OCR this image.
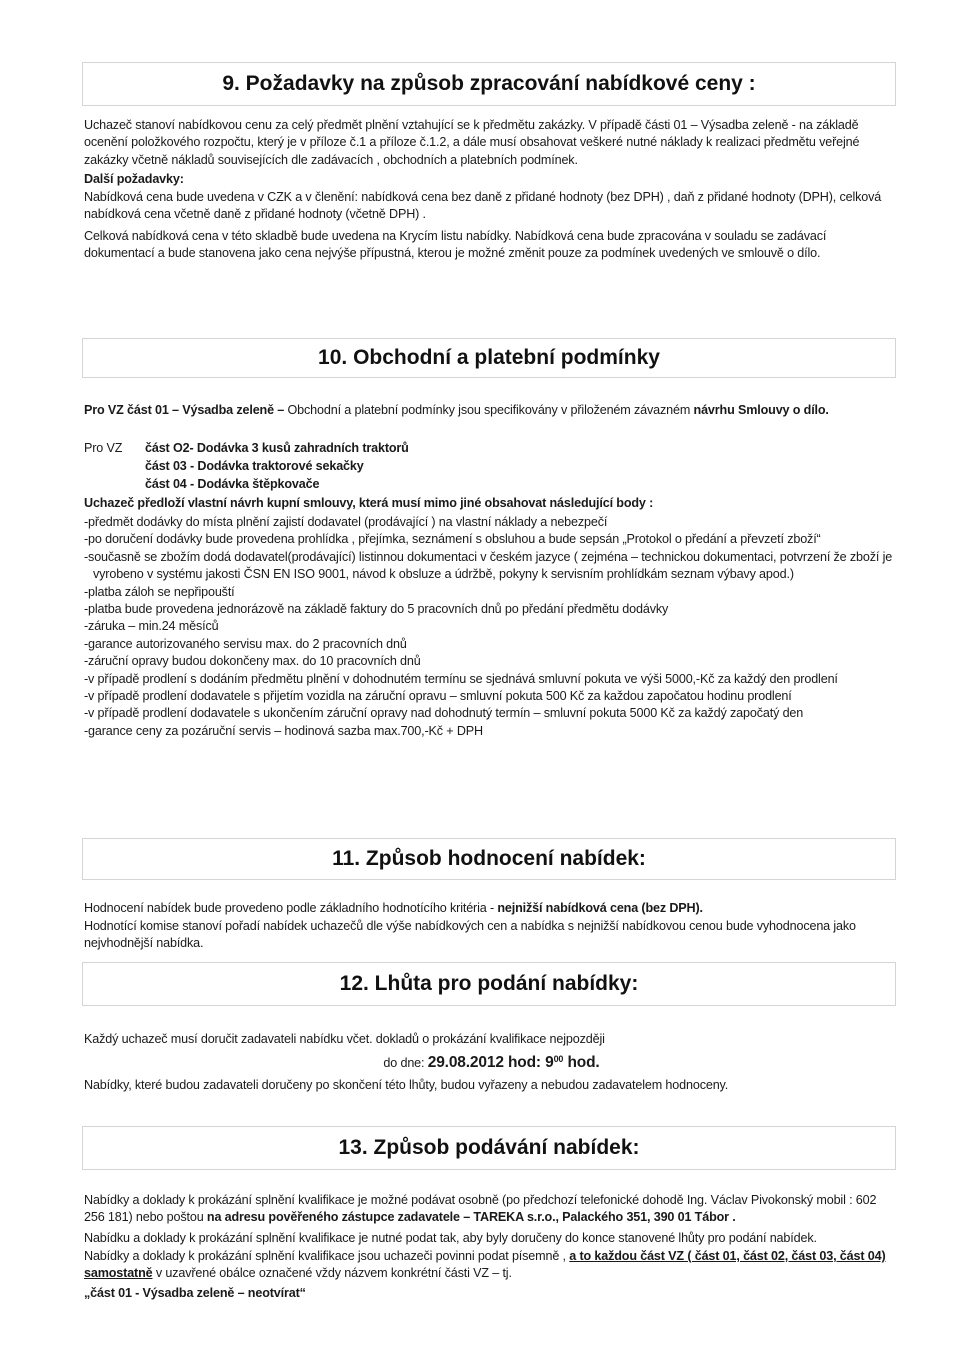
9. Požadavky na způsob zpracování nabídkové ceny :

Uchazeč stanoví nabídkovou cenu za celý předmět plnění vztahující se k předmětu zakázky. V případě části 01 – Výsadba zeleně - na základě ocenění položkového rozpočtu, který je v příloze č.1 a příloze č.1.2, a dále musí obsahovat veškeré nutné náklady k realizaci předmětu veřejné zakázky včetně nákladů souvisejících dle zadávacích , obchodních a platebních podmínek.

Další požadavky:

Nabídková cena bude uvedena v CZK a v členění: nabídková cena bez daně z přidané hodnoty (bez DPH) , daň z přidané hodnoty (DPH), celková nabídková cena včetně daně z přidané hodnoty (včetně DPH) .

Celková nabídková cena v této skladbě bude uvedena na Krycím listu nabídky. Nabídková cena bude zpracována v souladu se zadávací dokumentací a bude stanovena jako cena nejvýše přípustná, kterou je možné změnit pouze za podmínek uvedených ve smlouvě o dílo.

10. Obchodní a platební podmínky

Pro VZ část 01 – Výsadba zeleně – Obchodní a platební podmínky jsou specifikovány v přiloženém závazném návrhu Smlouvy o dílo.

Pro VZ	část O2- Dodávka 3 kusů zahradních traktorů

část 03 - Dodávka traktorové sekačky

část 04 - Dodávka štěpkovače

Uchazeč předloží vlastní návrh kupní smlouvy, která musí mimo jiné obsahovat následující body :

-předmět dodávky do místa plnění zajistí dodavatel (prodávající ) na vlastní náklady a nebezpečí
-po doručení dodávky bude provedena prohlídka , přejímka, seznámení s obsluhou a bude sepsán „Protokol o předání a převzetí zboží“
-současně se zbožím dodá dodavatel(prodávající) listinnou dokumentaci v českém jazyce ( zejména – technickou dokumentaci, potvrzení že zboží je vyrobeno v systému jakosti ČSN EN ISO 9001, návod k obsluze a údržbě, pokyny k servisním prohlídkám seznam výbavy apod.)
-platba záloh se nepřipouští
-platba bude provedena jednorázově na základě faktury do 5 pracovních dnů po předání předmětu dodávky
-záruka – min.24 měsíců
-garance autorizovaného servisu max. do 2 pracovních dnů
-záruční opravy budou dokončeny max. do 10 pracovních dnů
-v případě prodlení s dodáním předmětu plnění v dohodnutém termínu se sjednává smluvní pokuta ve výši 5000,-Kč za každý den prodlení
-v případě prodlení dodavatele s přijetím vozidla na záruční opravu – smluvní pokuta 500 Kč za každou započatou hodinu prodlení
-v případě prodlení dodavatele s ukončením záruční opravy nad dohodnutý termín – smluvní pokuta 5000 Kč za každý započatý den
-garance ceny za pozáruční servis – hodinová sazba max.700,-Kč + DPH
11. Způsob hodnocení nabídek:

Hodnocení nabídek bude provedeno podle základního hodnotícího kritéria - nejnižší nabídková cena (bez DPH).

Hodnotící komise stanoví pořadí nabídek uchazečů dle výše nabídkových cen a nabídka s nejnižší nabídkovou cenou bude vyhodnocena jako nejvhodnější nabídka.

12. Lhůta pro podání nabídky:

Každý uchazeč musí doručit zadavateli nabídku včet. dokladů o prokázání kvalifikace nejpozději

do dne: 29.08.2012 hod: $9^{00}$ hod.

Nabídky, které budou zadavateli doručeny po skončení této lhůty, budou vyřazeny a nebudou zadavatelem hodnoceny.

13. Způsob podávání nabídek:

Nabídky a doklady k prokázání splnění kvalifikace je možné podávat osobně (po předchozí telefonické dohodě Ing. Václav Pivokonský mobil : 602 256 181) nebo poštou na adresu pověřeného zástupce zadavatele – TAREKA s.r.o., Palackého 351, 390 01 Tábor .

Nabídku a doklady k prokázání splnění kvalifikace je nutné podat tak, aby byly doručeny do konce stanovené lhůty pro podání nabídek.

Nabídky a doklady k prokázání splnění kvalifikace jsou uchazeči povinni podat písemně , a to každou část VZ ( část 01, část 02, část 03, část 04) samostatně v uzavřené obálce označené vždy názvem konkrétní části VZ – tj.

„část 01 - Výsadba zeleně – neotvírat“
